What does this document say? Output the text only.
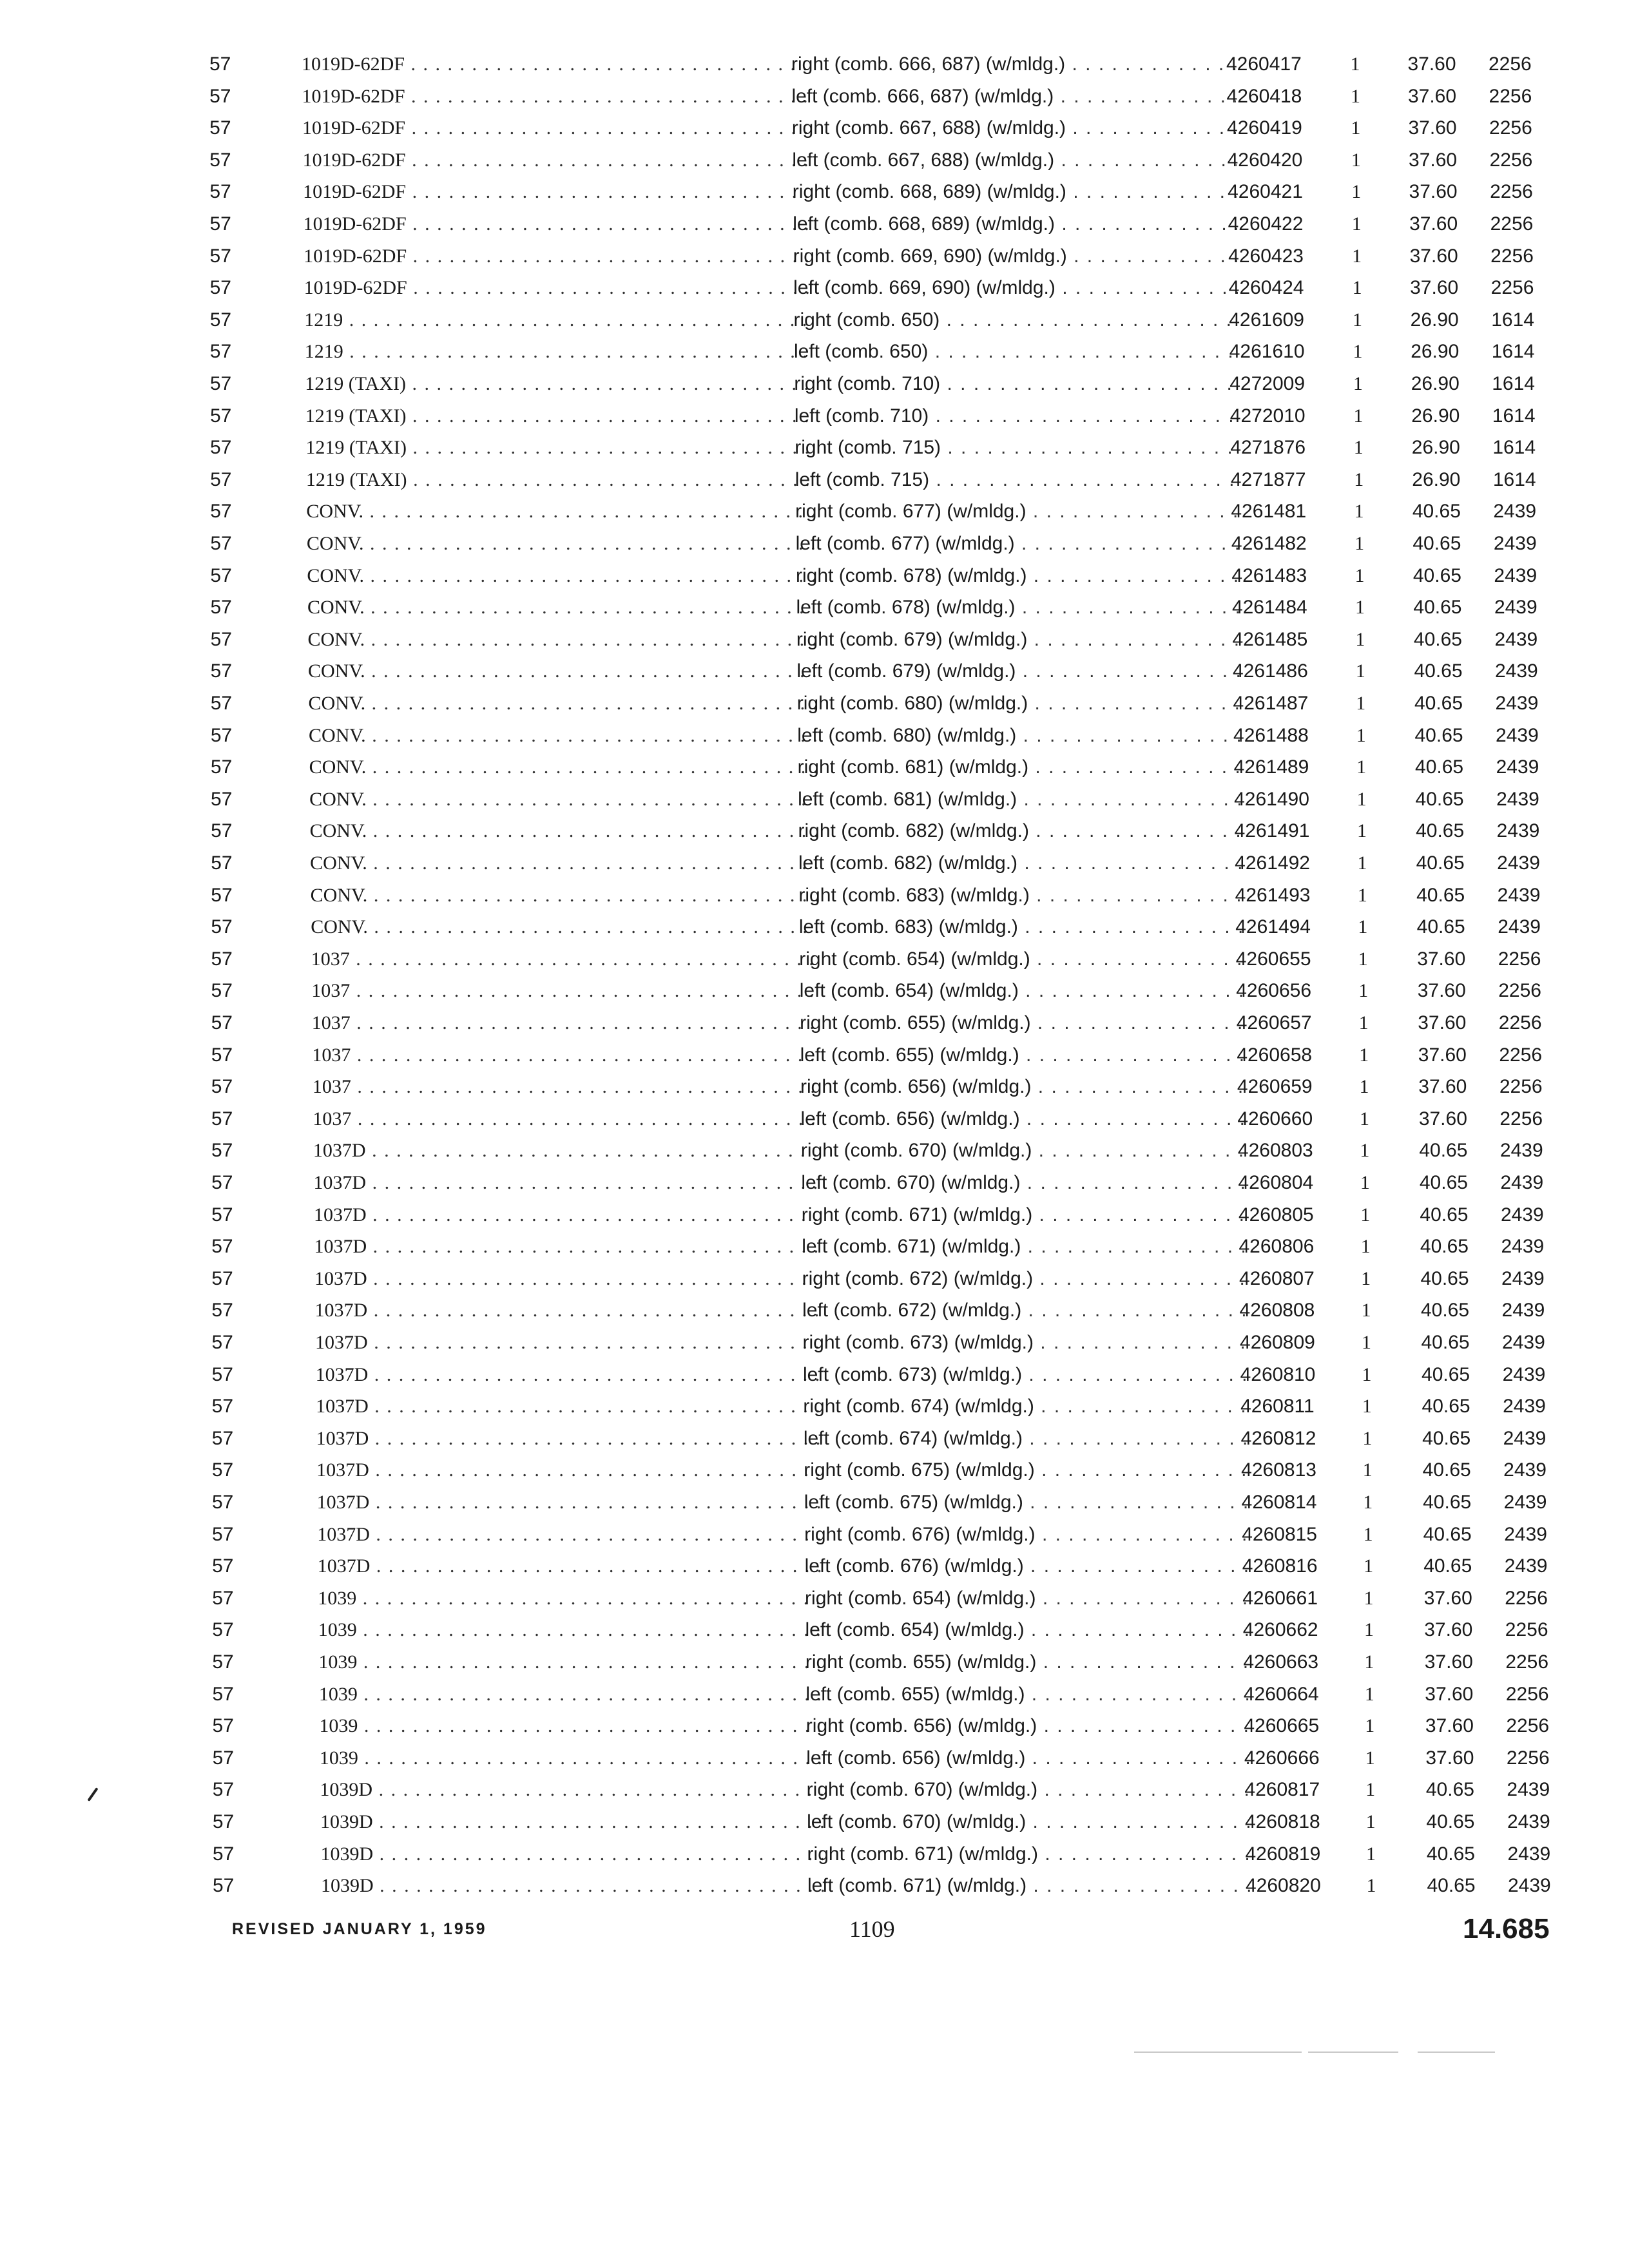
57	1019D-62DF . . .	right (comb. 666, 687) (w/mldg.) . . .	4260417	1	37.60	2256
57	1019D-62DF . . .	left (comb. 666, 687) (w/mldg.) . . .	4260418	1	37.60	2256
57	1019D-62DF . . .	right (comb. 667, 688) (w/mldg.) . . .	4260419	1	37.60	2256
57	1019D-62DF . . .	left (comb. 667, 688) (w/mldg.) . . .	4260420	1	37.60	2256
57	1019D-62DF . . .	right (comb. 668, 689) (w/mldg.) . . .	4260421	1	37.60	2256
57	1019D-62DF . . .	left (comb. 668, 689) (w/mldg.) . . .	4260422	1	37.60	2256
57	1019D-62DF . . .	right (comb. 669, 690) (w/mldg.) . . .	4260423	1	37.60	2256
57	1019D-62DF . . .	left (comb. 669, 690) (w/mldg.) . . .	4260424	1	37.60	2256
57	1219 . . .	right (comb. 650) . . .	4261609	1	26.90	1614
57	1219 . . .	left (comb. 650) . . .	4261610	1	26.90	1614
57	1219 (TAXI) . . .	right (comb. 710) . . .	4272009	1	26.90	1614
57	1219 (TAXI) . . .	left (comb. 710) . . .	4272010	1	26.90	1614
57	1219 (TAXI) . . .	right (comb. 715) . . .	4271876	1	26.90	1614
57	1219 (TAXI) . . .	left (comb. 715) . . .	4271877	1	26.90	1614
57	CONV. . . .	right (comb. 677) (w/mldg.) . . .	4261481	1	40.65	2439
57	CONV. . . .	left (comb. 677) (w/mldg.) . . .	4261482	1	40.65	2439
57	CONV. . . .	right (comb. 678) (w/mldg.) . . .	4261483	1	40.65	2439
57	CONV. . . .	left (comb. 678) (w/mldg.) . . .	4261484	1	40.65	2439
57	CONV. . . .	right (comb. 679) (w/mldg.) . . .	4261485	1	40.65	2439
57	CONV. . . .	left (comb. 679) (w/mldg.) . . .	4261486	1	40.65	2439
57	CONV. . . .	right (comb. 680) (w/mldg.) . . .	4261487	1	40.65	2439
57	CONV. . . .	left (comb. 680) (w/mldg.) . . .	4261488	1	40.65	2439
57	CONV. . . .	right (comb. 681) (w/mldg.) . . .	4261489	1	40.65	2439
57	CONV. . . .	left (comb. 681) (w/mldg.) . . .	4261490	1	40.65	2439
57	CONV. . . .	right (comb. 682) (w/mldg.) . . .	4261491	1	40.65	2439
57	CONV. . . .	left (comb. 682) (w/mldg.) . . .	4261492	1	40.65	2439
57	CONV. . . .	right (comb. 683) (w/mldg.) . . .	4261493	1	40.65	2439
57	CONV. . . .	left (comb. 683) (w/mldg.) . . .	4261494	1	40.65	2439
57	1037 . . .	right (comb. 654) (w/mldg.) . . .	4260655	1	37.60	2256
57	1037 . . .	left (comb. 654) (w/mldg.) . . .	4260656	1	37.60	2256
57	1037 . . .	right (comb. 655) (w/mldg.) . . .	4260657	1	37.60	2256
57	1037 . . .	left (comb. 655) (w/mldg.) . . .	4260658	1	37.60	2256
57	1037 . . .	right (comb. 656) (w/mldg.) . . .	4260659	1	37.60	2256
57	1037 . . .	left (comb. 656) (w/mldg.) . . .	4260660	1	37.60	2256
57	1037D . . .	right (comb. 670) (w/mldg.) . . .	4260803	1	40.65	2439
57	1037D . . .	left (comb. 670) (w/mldg.) . . .	4260804	1	40.65	2439
57	1037D . . .	right (comb. 671) (w/mldg.) . . .	4260805	1	40.65	2439
57	1037D . . .	left (comb. 671) (w/mldg.) . . .	4260806	1	40.65	2439
57	1037D . . .	right (comb. 672) (w/mldg.) . . .	4260807	1	40.65	2439
57	1037D . . .	left (comb. 672) (w/mldg.) . . .	4260808	1	40.65	2439
57	1037D . . .	right (comb. 673) (w/mldg.) . . .	4260809	1	40.65	2439
57	1037D . . .	left (comb. 673) (w/mldg.) . . .	4260810	1	40.65	2439
57	1037D . . .	right (comb. 674) (w/mldg.) . . .	4260811	1	40.65	2439
57	1037D . . .	left (comb. 674) (w/mldg.) . . .	4260812	1	40.65	2439
57	1037D . . .	right (comb. 675) (w/mldg.) . . .	4260813	1	40.65	2439
57	1037D . . .	left (comb. 675) (w/mldg.) . . .	4260814	1	40.65	2439
57	1037D . . .	right (comb. 676) (w/mldg.) . . .	4260815	1	40.65	2439
57	1037D . . .	left (comb. 676) (w/mldg.) . . .	4260816	1	40.65	2439
57	1039 . . .	right (comb. 654) (w/mldg.) . . .	4260661	1	37.60	2256
57	1039 . . .	left (comb. 654) (w/mldg.) . . .	4260662	1	37.60	2256
57	1039 . . .	right (comb. 655) (w/mldg.) . . .	4260663	1	37.60	2256
57	1039 . . .	left (comb. 655) (w/mldg.) . . .	4260664	1	37.60	2256
57	1039 . . .	right (comb. 656) (w/mldg.) . . .	4260665	1	37.60	2256
57	1039 . . .	left (comb. 656) (w/mldg.) . . .	4260666	1	37.60	2256
57	1039D . . .	right (comb. 670) (w/mldg.) . . .	4260817	1	40.65	2439
57	1039D . . .	left (comb. 670) (w/mldg.) . . .	4260818	1	40.65	2439
57	1039D . . .	right (comb. 671) (w/mldg.) . . .	4260819	1	40.65	2439
57	1039D . . .	left (comb. 671) (w/mldg.) . . .	4260820	1	40.65	2439
REVISED JANUARY 1, 1959	1109	14.685
